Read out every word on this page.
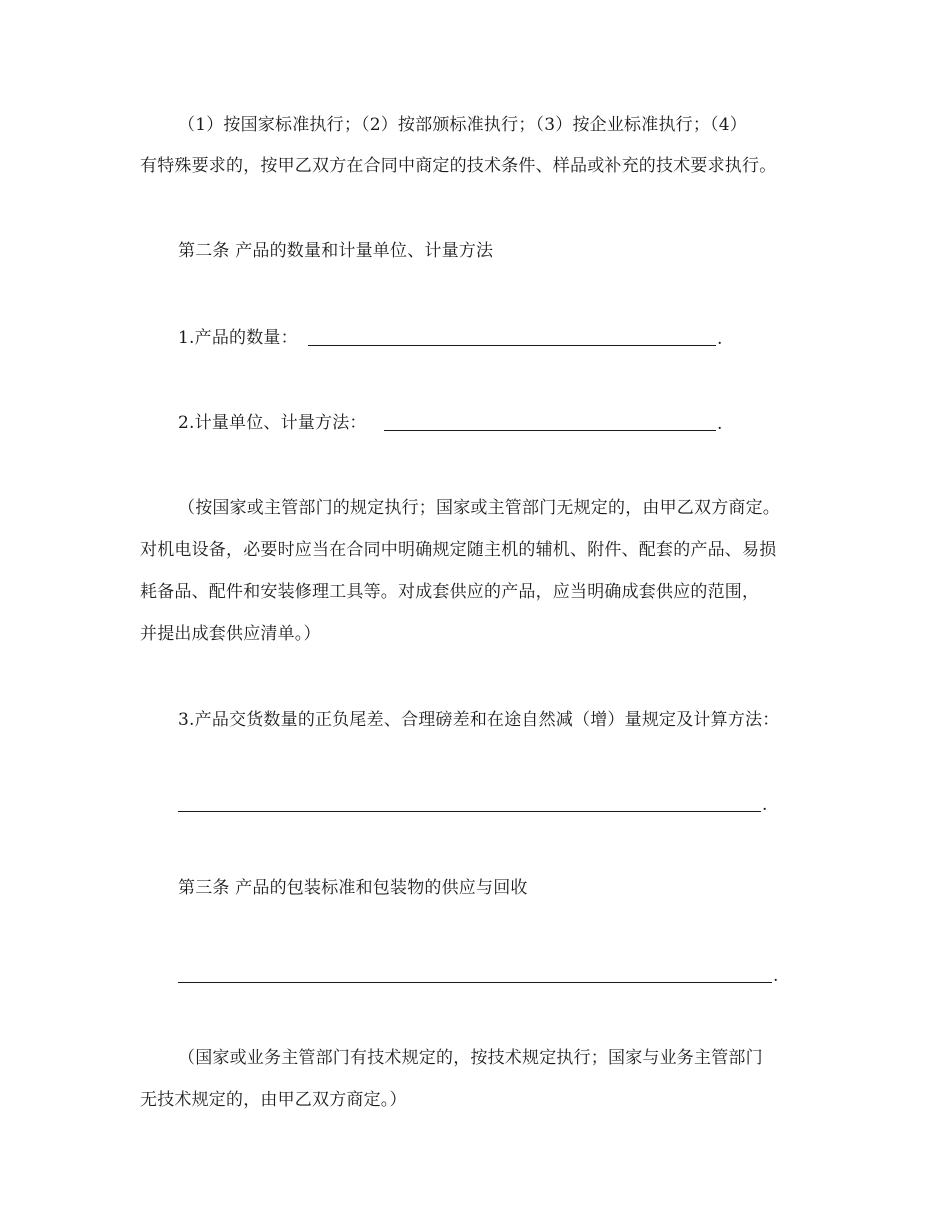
（1）按国家标准执行；（2）按部颁标准执行；（3）按企业标准执行；（4）
有特殊要求的，按甲乙双方在合同中商定的技术条件、样品或补充的技术要求执行。
第二条 产品的数量和计量单位、计量方法
1.产品的数量：	.
2.计量单位、计量方法：	.
（按国家或主管部门的规定执行；国家或主管部门无规定的，由甲乙双方商定。
对机电设备，必要时应当在合同中明确规定随主机的辅机、附件、配套的产品、易损
耗备品、配件和安装修理工具等。对成套供应的产品，应当明确成套供应的范围，
并提出成套供应清单。）
3.产品交货数量的正负尾差、合理磅差和在途自然减（增）量规定及计算方法：
.
第三条 产品的包装标准和包装物的供应与回收
.
（国家或业务主管部门有技术规定的，按技术规定执行；国家与业务主管部门
无技术规定的，由甲乙双方商定。）
